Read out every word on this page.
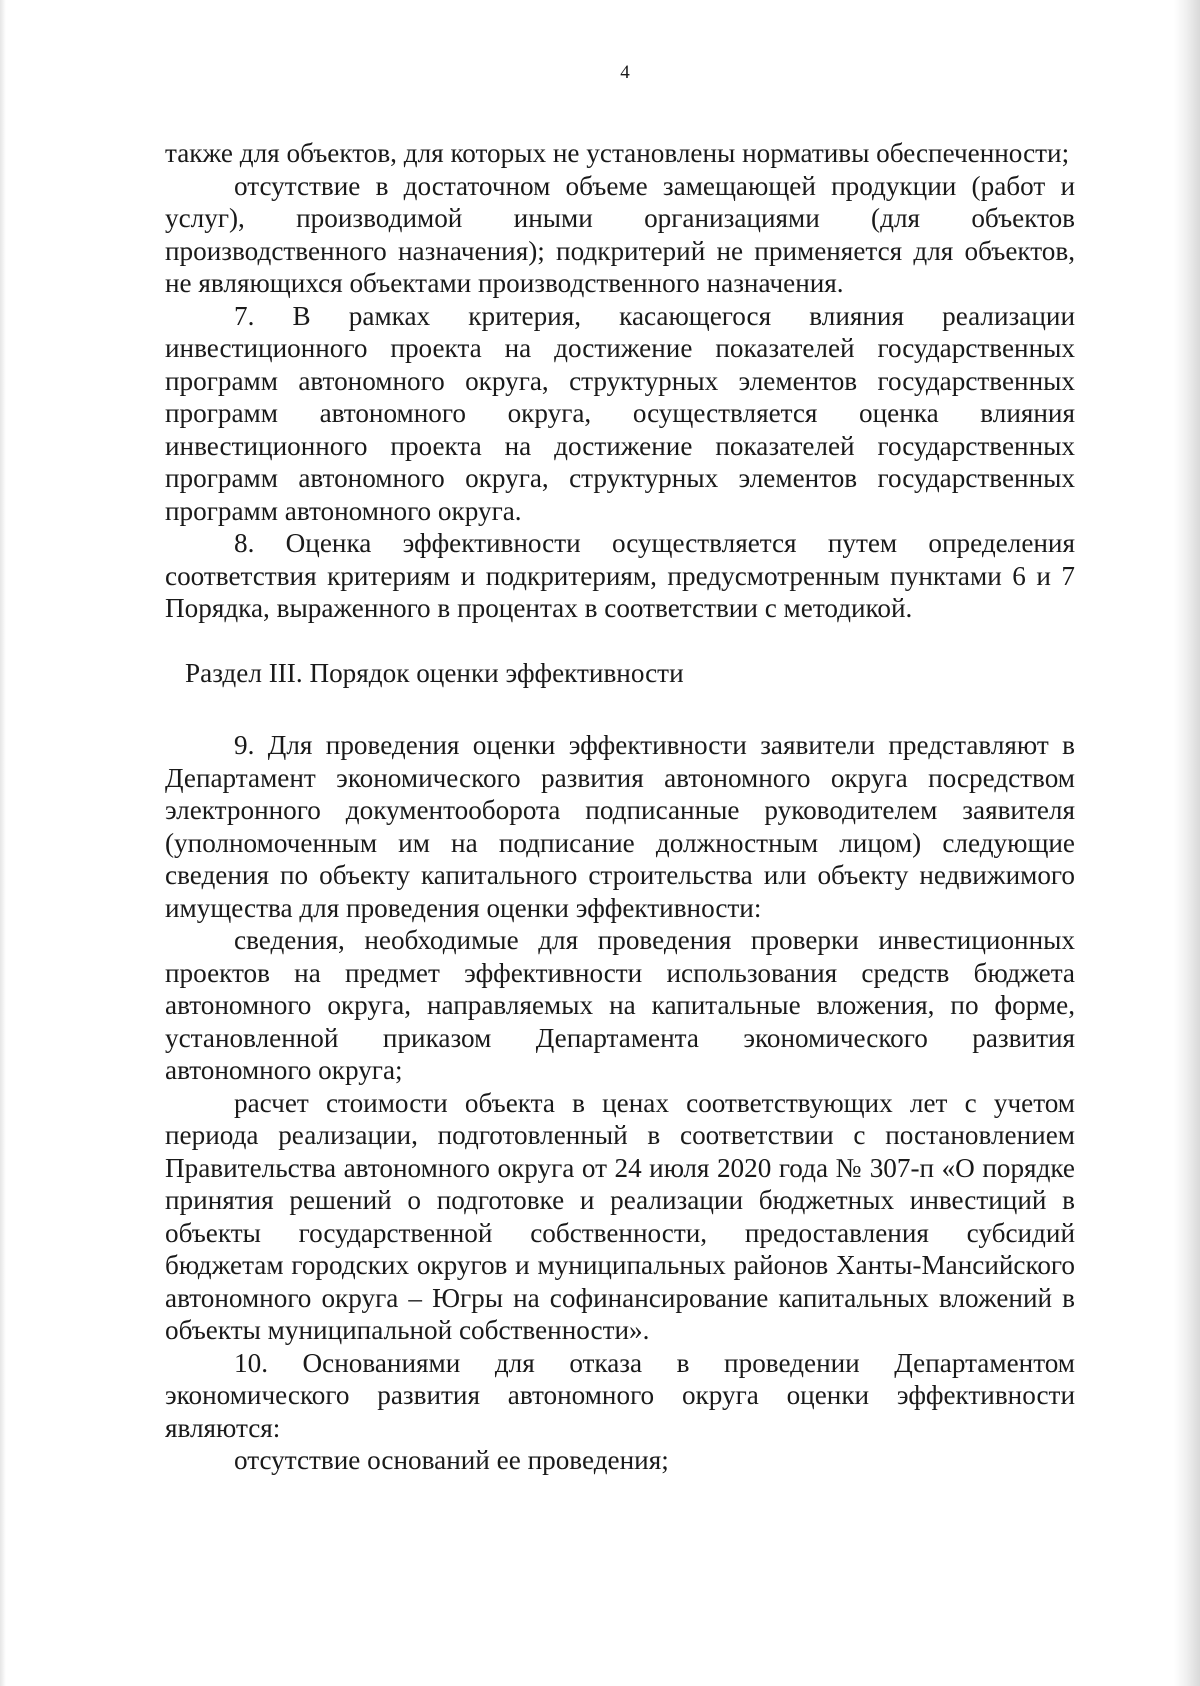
4

также для объектов, для которых не установлены нормативы обеспеченности;

отсутствие в достаточном объеме замещающей продукции (работ и услуг), производимой иными организациями (для объектов производственного назначения); подкритерий не применяется для объектов, не являющихся объектами производственного назначения.

7. В рамках критерия, касающегося влияния реализации инвестиционного проекта на достижение показателей государственных программ автономного округа, структурных элементов государственных программ автономного округа, осуществляется оценка влияния инвестиционного проекта на достижение показателей государственных программ автономного округа, структурных элементов государственных программ автономного округа.

8. Оценка эффективности осуществляется путем определения соответствия критериям и подкритериям, предусмотренным пунктами 6 и 7 Порядка, выраженного в процентах в соответствии с методикой.

Раздел III. Порядок оценки эффективности

9. Для проведения оценки эффективности заявители представляют в Департамент экономического развития автономного округа посредством электронного документооборота подписанные руководителем заявителя (уполномоченным им на подписание должностным лицом) следующие сведения по объекту капитального строительства или объекту недвижимого имущества для проведения оценки эффективности:

сведения, необходимые для проведения проверки инвестиционных проектов на предмет эффективности использования средств бюджета автономного округа, направляемых на капитальные вложения, по форме, установленной приказом Департамента экономического развития автономного округа;

расчет стоимости объекта в ценах соответствующих лет с учетом периода реализации, подготовленный в соответствии с постановлением Правительства автономного округа от 24 июля 2020 года № 307-п «О порядке принятия решений о подготовке и реализации бюджетных инвестиций в объекты государственной собственности, предоставления субсидий бюджетам городских округов и муниципальных районов Ханты-Мансийского автономного округа – Югры на софинансирование капитальных вложений в объекты муниципальной собственности».

10. Основаниями для отказа в проведении Департаментом экономического развития автономного округа оценки эффективности являются:

отсутствие оснований ее проведения;
